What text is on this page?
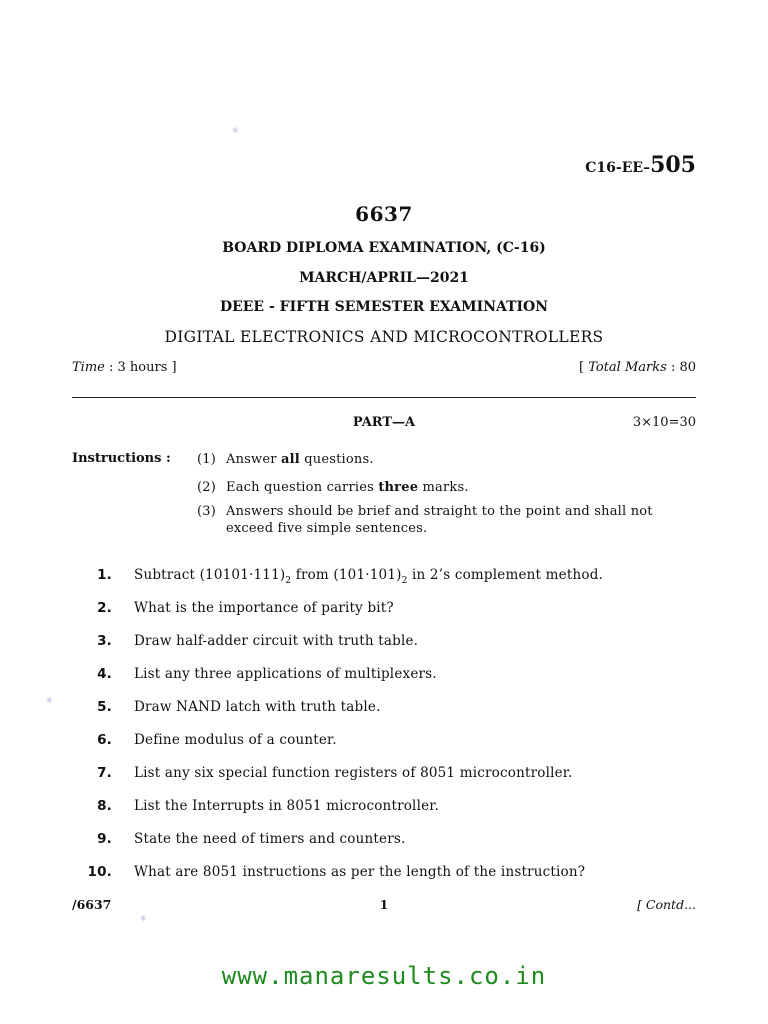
*
*
*
C16-EE–505
6637
BOARD DIPLOMA EXAMINATION, (C-16)
MARCH/APRIL—2021
DEEE - FIFTH SEMESTER EXAMINATION
DIGITAL ELECTRONICS AND MICROCONTROLLERS
Time : 3 hours ]	[ Total Marks : 80
PART—A	3×10=30
Instructions : (1) Answer all questions.
(2) Each question carries three marks.
(3) Answers should be brief and straight to the point and shall not exceed five simple sentences.
1. Subtract $(10101\cdot 111)_2$ from $(101\cdot 101)_2$ in 2’s complement method.
2. What is the importance of parity bit?
3. Draw half-adder circuit with truth table.
4. List any three applications of multiplexers.
5. Draw NAND latch with truth table.
6. Define modulus of a counter.
7. List any six special function registers of 8051 microcontroller.
8. List the Interrupts in 8051 microcontroller.
9. State the need of timers and counters.
10. What are 8051 instructions as per the length of the instruction?
/6637	1	[ Contd...
www.manaresults.co.in
